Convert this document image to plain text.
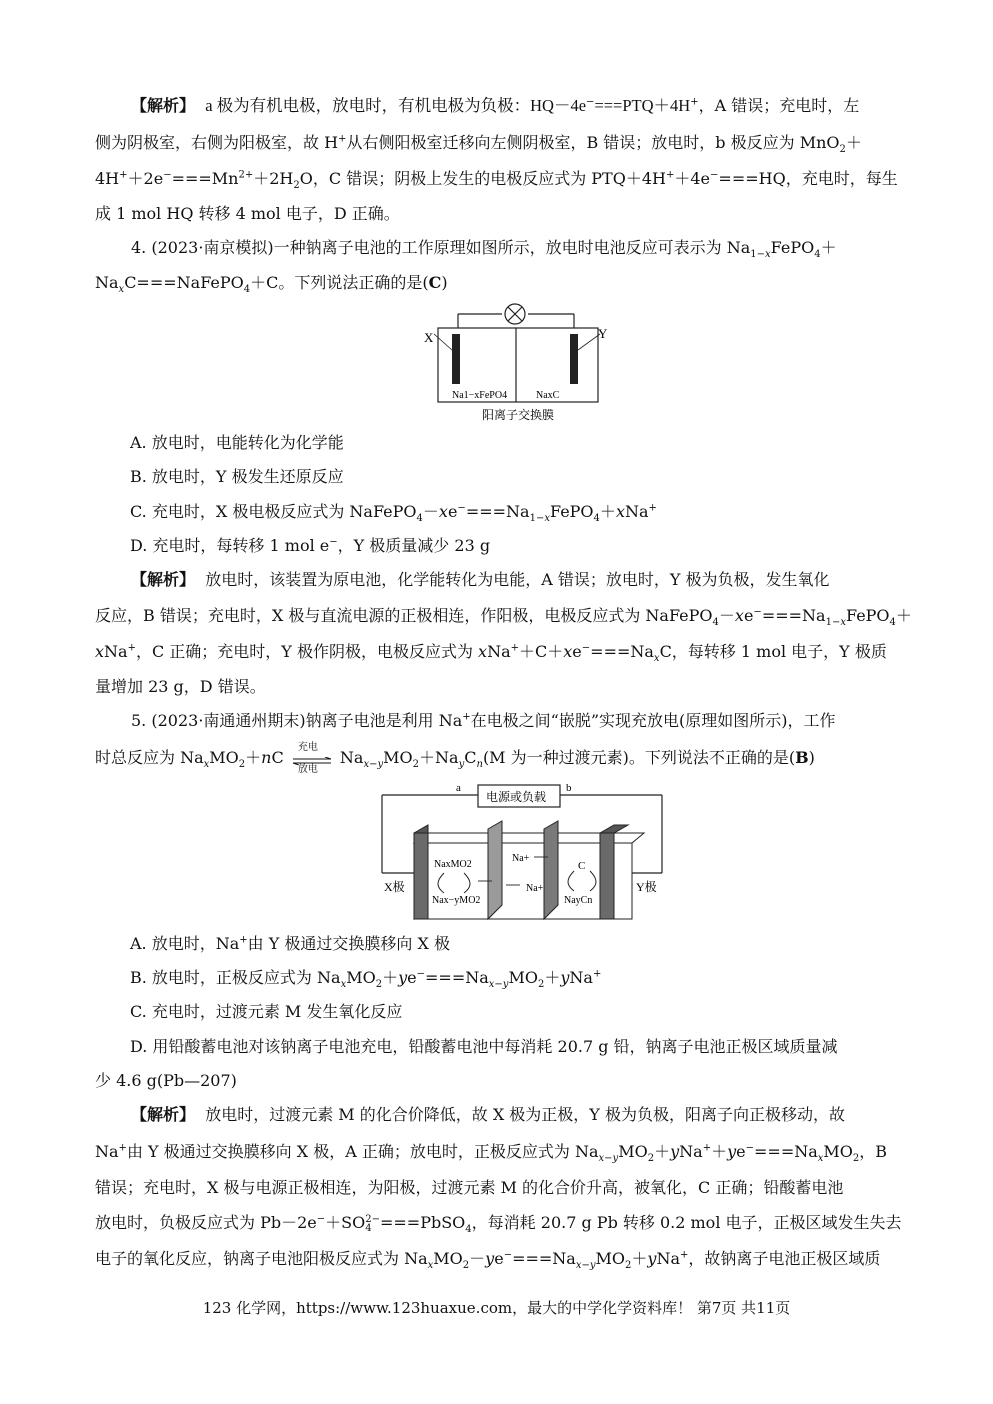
【解析】 a 极为有机电极，放电时，有机电极为负极：HQ－4e−===PTQ＋4H+，A 错误；充电时，左
侧为阴极室，右侧为阳极室，故 H+从右侧阳极室迁移向左侧阴极室，B 错误；放电时，b 极反应为 MnO$_2$＋
$4H^++2e^-===Mn^{2+}+2H_2O$，C 错误；阴极上发生的电极反应式为 PTQ＋4H+＋4e−===HQ，充电时，每生
成 1 mol HQ 转移 4 mol 电子，D 正确。
4. (2023·南京模拟)一种钠离子电池的工作原理如图所示，放电时电池反应可表示为 $Na_{1-x}FePO_4+$
$Na_xC===NaFePO_4+C$。下列说法正确的是(C)
X	Y
Na1−xFePO4	NaxC
阳离子交换膜
A. 放电时，电能转化为化学能
B. 放电时，Y 极发生还原反应
C. 充电时，X 极电极反应式为 $NaFePO_4-xe^-===Na_{1-x}FePO_4+xNa^+$
D. 充电时，每转移 1 mol e−，Y 极质量减少 23 g
【解析】 放电时，该装置为原电池，化学能转化为电能，A 错误；放电时，Y 极为负极，发生氧化
反应，B 错误；充电时，X 极与直流电源的正极相连，作阳极，电极反应式为 $NaFePO_4-xe^-===Na_{1-x}FePO_4+$
xNa+，C 正确；充电时，Y 极作阴极，电极反应式为 $xNa^++C+xe^-===Na_xC$，每转移 1 mol 电子，Y 极质
量增加 23 g，D 错误。
5. (2023·南通通州期末)钠离子电池是利用 Na+在电极之间“嵌脱”实现充放电(原理如图所示)，工作
时总反应为 $Na_xMO_2+nC$
充电
放电
$Na_{x-y}MO_2+Na_yC_n(M$ 为一种过渡元素)。下列说法不正确的是(B)
a	b
电源或负载
X极	Y极
NaxMO2
Nax−yMO2
Na+
Na+
C
NayCn
A. 放电时，Na+由 Y 极通过交换膜移向 X 极
B. 放电时，正极反应式为 $Na_xMO_2+ye^-===Na_{x-y}MO_2+yNa^+$
C. 充电时，过渡元素 M 发生氧化反应
D. 用铅酸蓄电池对该钠离子电池充电，铅酸蓄电池中每消耗 20.7 g 铅，钠离子电池正极区域质量减
少 4.6 g(Pb—207)
【解析】 放电时，过渡元素 M 的化合价降低，故 X 极为正极，Y 极为负极，阳离子向正极移动，故
Na+由 Y 极通过交换膜移向 X 极，A 正确；放电时，正极反应式为 $Na_{x-y}MO_2+yNa^++ye^-===Na_xMO_2$，B
错误；充电时，X 极与电源正极相连，为阳极，过渡元素 M 的化合价升高，被氧化，C 正确；铅酸蓄电池
放电时，负极反应式为 Pb－2e−＋SO 2−
4 ===PbSO$_4$，每消耗 20.7 g Pb 转移 0.2 mol 电子，正极区域发生失去
电子的氧化反应，钠离子电池阳极反应式为 $Na_xMO_2-ye^-===Na_{x-y}MO_2+yNa^+$，故钠离子电池正极区域质
123 化学网，https://www.123huaxue.com，最大的中学化学资料库！ 第7页 共11页
